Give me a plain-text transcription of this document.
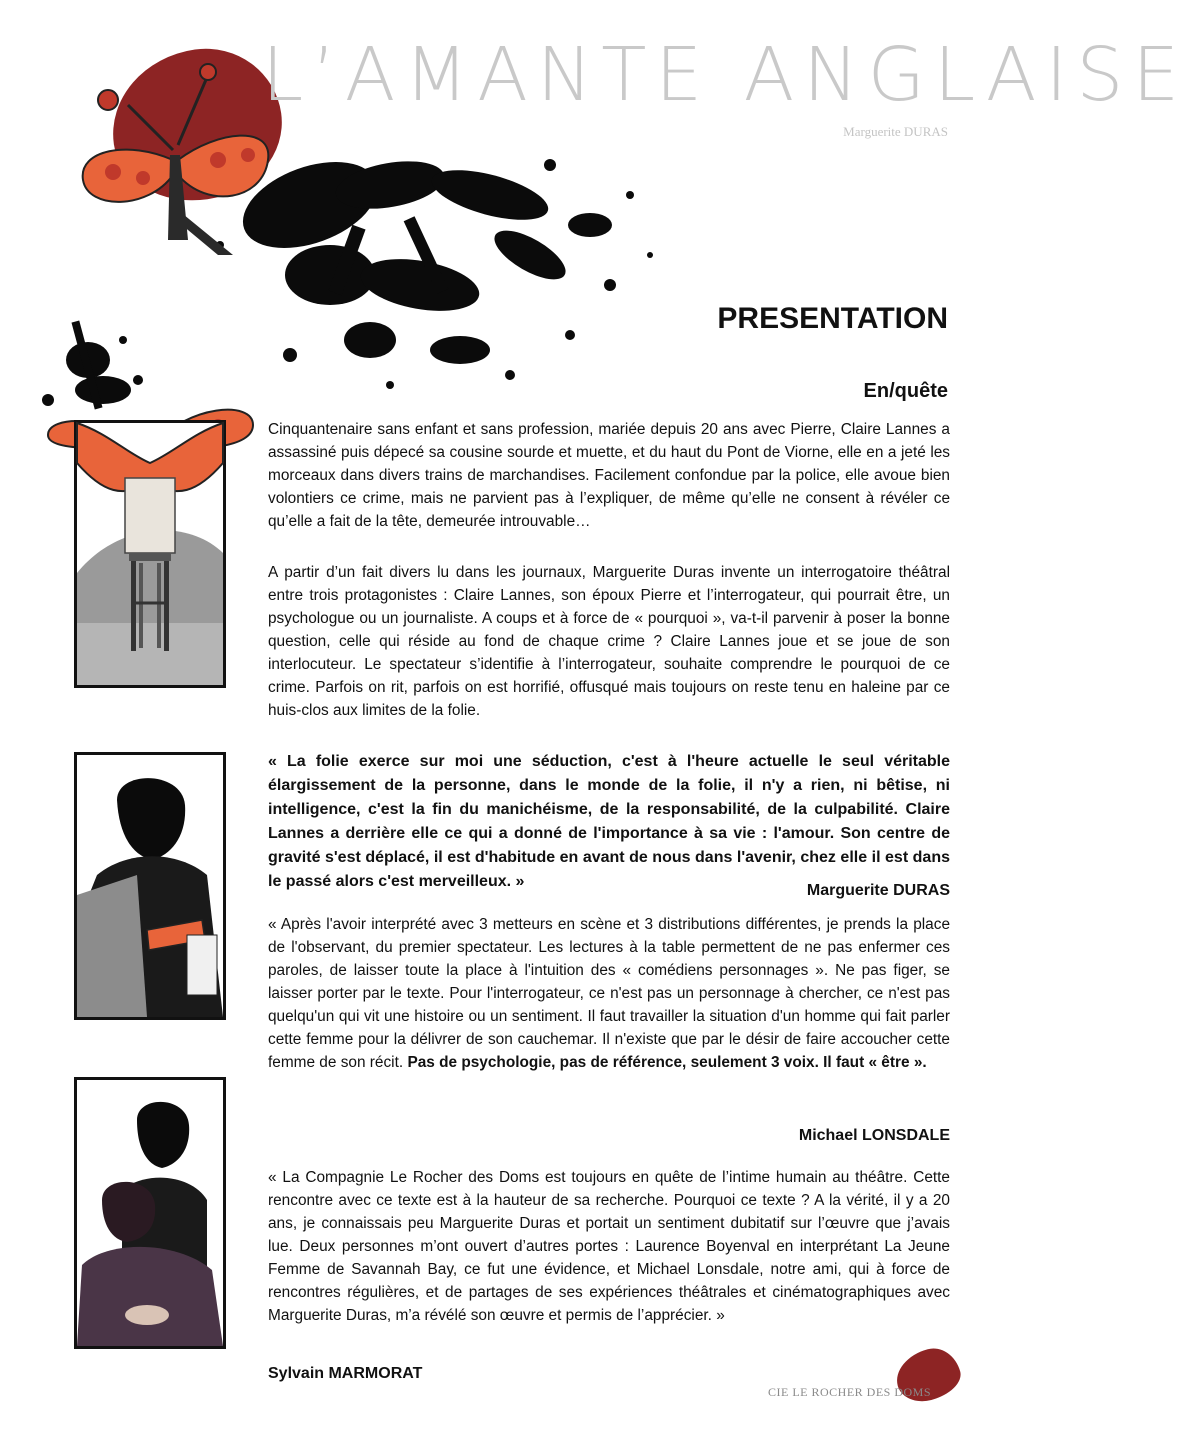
L’AMANTE ANGLAISE
Marguerite DURAS
PRESENTATION
En/quête

Cinquantenaire sans enfant et sans profession, mariée depuis 20 ans avec Pierre, Claire Lannes a assassiné puis dépecé sa cousine sourde et muette, et du haut du Pont de Viorne, elle en a jeté les morceaux dans divers trains de marchandises. Facilement confondue par la police, elle avoue bien volontiers ce crime, mais ne parvient pas à l’expliquer, de même qu’elle ne consent à révéler ce qu’elle a fait de la tête, demeurée introuvable…

A partir d’un fait divers lu dans les journaux, Marguerite Duras invente un interrogatoire théâtral entre trois protagonistes : Claire Lannes, son époux Pierre et l’interrogateur, qui pourrait être, un psychologue ou un journaliste. A coups et à force de « pourquoi », va-t-il parvenir à poser la bonne question, celle qui réside au fond de chaque crime ? Claire Lannes joue et se joue de son interlocuteur. Le spectateur s’identifie à l’interrogateur, souhaite comprendre le pourquoi de ce crime. Parfois on rit, parfois on est horrifié, offusqué mais toujours on reste tenu en haleine par ce huis-clos aux limites de la folie.

« La folie exerce sur moi une séduction, c'est à l'heure actuelle le seul véritable élargissement de la personne, dans le monde de la folie, il n'y a rien, ni bêtise, ni intelligence, c'est la fin du manichéisme, de la responsabilité, de la culpabilité. Claire Lannes a derrière elle ce qui a donné de l'importance à sa vie : l'amour. Son centre de gravité s'est déplacé, il est d'habitude en avant de nous dans l'avenir, chez elle il est dans le passé alors c'est merveilleux. »

Marguerite DURAS

« Après l'avoir interprété avec 3 metteurs en scène et 3 distributions différentes, je prends la place de l'observant, du premier spectateur. Les lectures à la table permettent de ne pas enfermer ces paroles, de laisser toute la place à l'intuition des « comédiens personnages ». Ne pas figer, se laisser porter par le texte. Pour l'interrogateur, ce n'est pas un personnage à chercher, ce n'est pas quelqu'un qui vit une histoire ou un sentiment. Il faut travailler la situation d'un homme qui fait parler cette femme pour la délivrer de son cauchemar. Il n'existe que par le désir de faire accoucher cette femme de son récit. Pas de psychologie, pas de référence, seulement 3 voix. Il faut « être ».

Michael LONSDALE

« La Compagnie Le Rocher des Doms est toujours en quête de l’intime humain au théâtre. Cette rencontre avec ce texte est à la hauteur de sa recherche. Pourquoi ce texte ? A la vérité, il y a 20 ans, je connaissais peu Marguerite Duras et portait un sentiment dubitatif sur l’œuvre que j’avais lue. Deux personnes m’ont ouvert d’autres portes : Laurence Boyenval en interprétant La Jeune Femme de Savannah Bay, ce fut une évidence, et Michael Lonsdale, notre ami, qui à force de rencontres régulières, et de partages de ses expériences théâtrales et cinématographiques avec Marguerite Duras, m’a révélé son œuvre et permis de l’apprécier. »

Sylvain MARMORAT
CIE LE ROCHER DES DOMS
